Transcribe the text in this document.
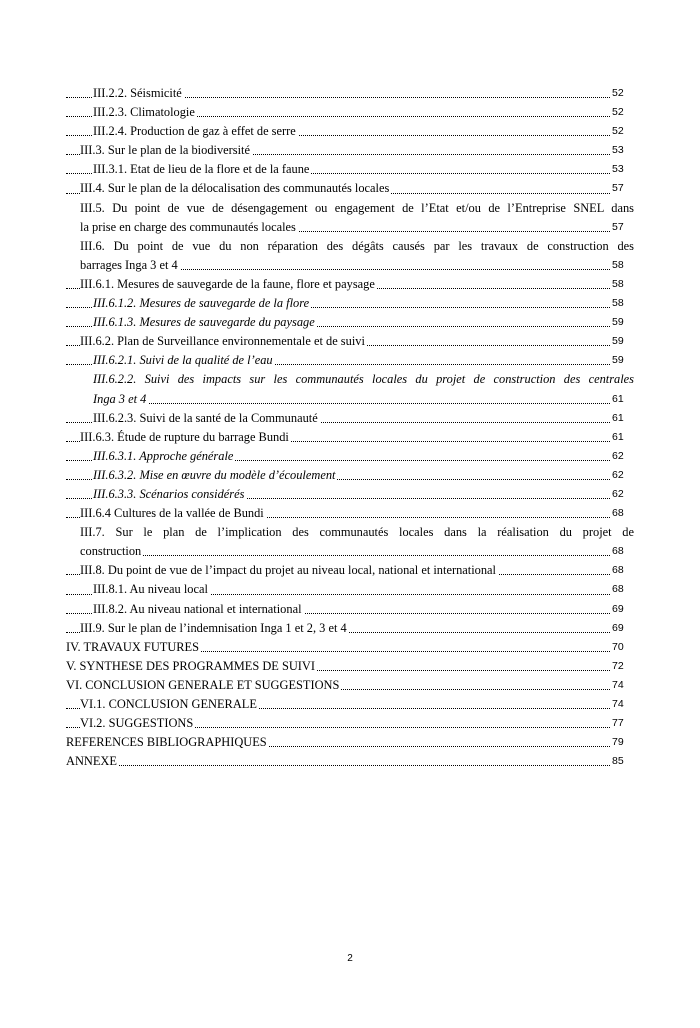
III.2.2. Séismicité	52
III.2.3. Climatologie	52
III.2.4. Production de gaz à effet de serre	52
III.3. Sur le plan de la biodiversité	53
III.3.1. Etat de lieu de la flore et de la faune	53
III.4. Sur le plan de la délocalisation des communautés locales	57
III.5. Du point de vue de désengagement ou engagement de l’Etat et/ou de l’Entreprise SNEL dans
la prise en charge des communautés locales	57
III.6. Du point de vue du non réparation des dégâts causés par les travaux de construction des
barrages Inga 3 et 4	58
III.6.1. Mesures de sauvegarde de la faune, flore et paysage	58
III.6.1.2. Mesures de sauvegarde de la flore	58
III.6.1.3. Mesures de sauvegarde du paysage	59
III.6.2. Plan de Surveillance environnementale et de suivi	59
III.6.2.1. Suivi de la qualité de l’eau	59
III.6.2.2. Suivi des impacts sur les communautés locales du projet de construction des centrales
Inga 3 et 4	61
III.6.2.3. Suivi de la santé de la Communauté	61
III.6.3. Étude de rupture du barrage Bundi	61
III.6.3.1. Approche générale	62
III.6.3.2. Mise en œuvre du modèle d’écoulement	62
III.6.3.3. Scénarios considérés	62
III.6.4 Cultures de la vallée de Bundi	68
III.7. Sur le plan de l’implication des communautés locales dans la réalisation du projet de
construction	68
III.8. Du point de vue de l’impact du projet au niveau local, national et international	68
III.8.1. Au niveau local	68
III.8.2. Au niveau national et international	69
III.9. Sur le plan de l’indemnisation Inga 1 et 2, 3 et 4	69
IV. TRAVAUX FUTURES	70
V. SYNTHESE DES PROGRAMMES DE SUIVI	72
VI. CONCLUSION GENERALE ET SUGGESTIONS	74
VI.1. CONCLUSION GENERALE	74
VI.2. SUGGESTIONS	77
REFERENCES BIBLIOGRAPHIQUES	79
ANNEXE	85
2
